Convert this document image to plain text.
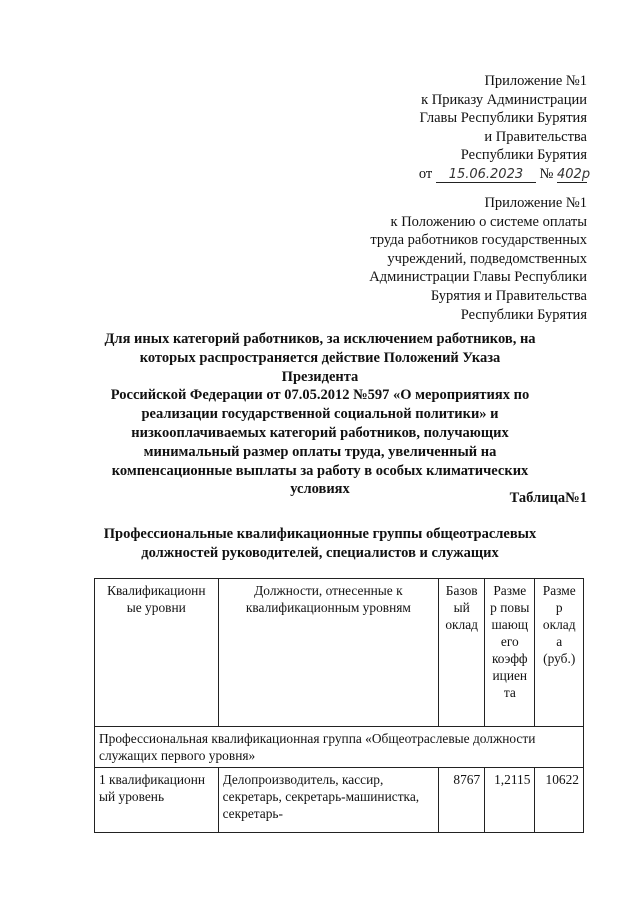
Приложение №1
к Приказу Администрации
Главы Республики Бурятия
и Правительства
Республики Бурятия
от 15.06.2023 № 402р
Приложение №1
к Положению о системе оплаты
труда работников государственных
учреждений, подведомственных
Администрации Главы Республики
Бурятия и Правительства
Республики Бурятия
Для иных категорий работников, за исключением работников, на
которых распространяется действие Положений Указа Президента
Российской Федерации от 07.05.2012 №597 «О мероприятиях по
реализации государственной социальной политики» и
низкооплачиваемых категорий работников, получающих
минимальный размер оплаты труда, увеличенный на
компенсационные выплаты за работу в особых климатических
условиях
Таблица№1
Профессиональные квалификационные группы общеотраслевых
должностей руководителей, специалистов и служащих
Квалификационн ые уровни	Должности, отнесенные к квалификационным уровням	Базов ый оклад	Разме р повы шающ его коэфф ициен та	Разме р оклад а (руб.)
Профессиональная квалификационная группа «Общеотраслевые должности служащих первого уровня»				
1 квалификационн ый уровень	Делопроизводитель, кассир, секретарь, секретарь-машинистка, секретарь-	8767	1,2115	10622
